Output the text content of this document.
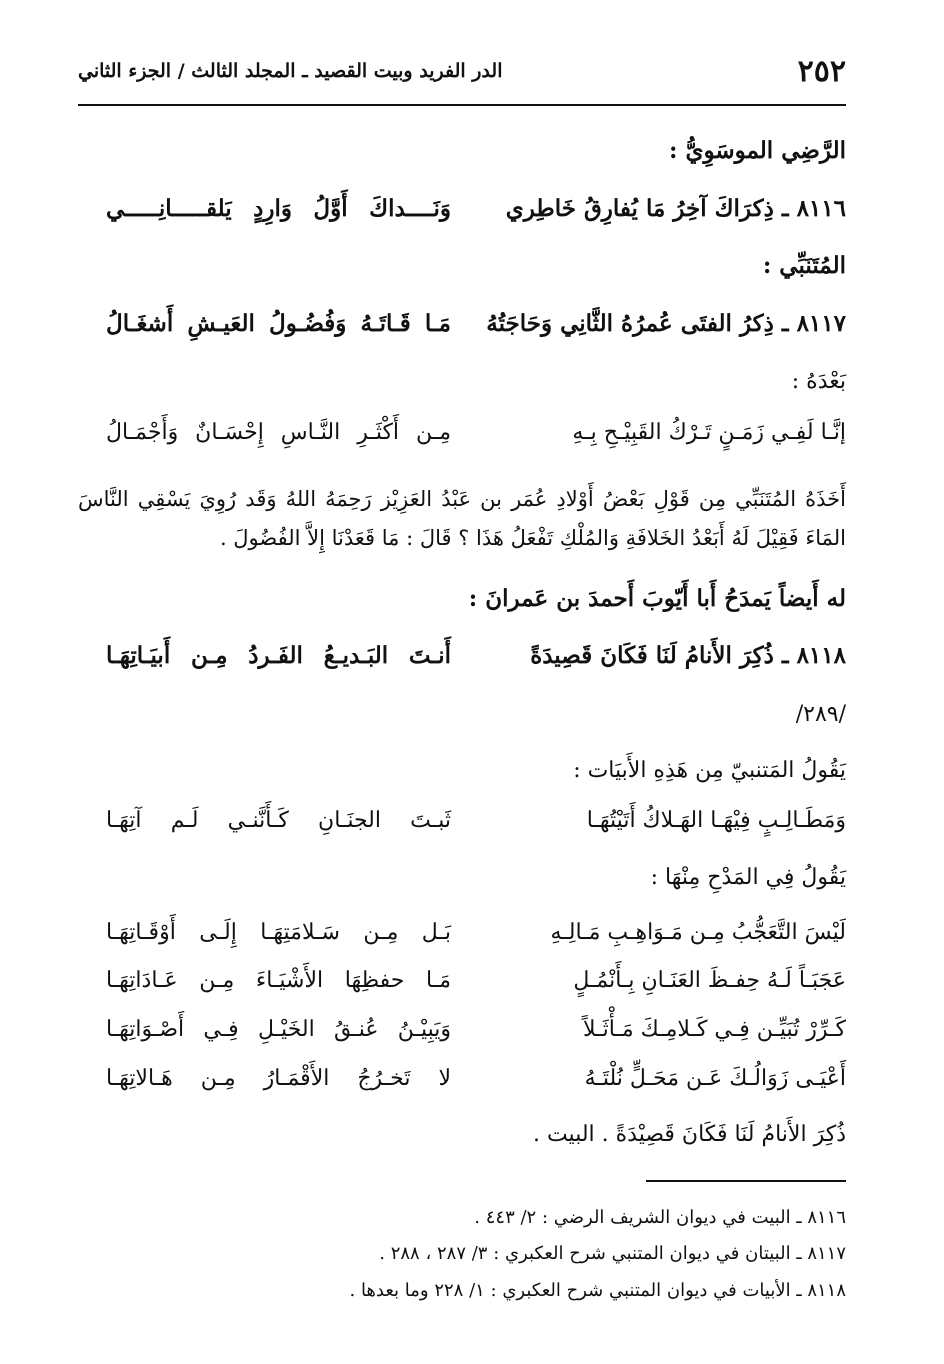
٢٥٢
الدر الفريد وبيت القصيد ـ المجلد الثالث / الجزء الثاني
الرَّضِي الموسَوِيُّ :
٨١١٦ ـ ذِكرَاكَ آخِرُ مَا يُفارِقُ خَاطِري
وَنَــــداكَ أَوَّلُ وَارِدٍ يَلقـــــانِـــــي
المُتَنَبِّي :
٨١١٧ ـ ذِكرُ الفتَى عُمرُهُ الثَّانِي وَحَاجَتُهُ
مَـا قَـاتَـهُ وَفُضُـولُ العَيـشِ أَشغَـالُ
بَعْدَهُ :
إنَّـا لَفِـي زَمَـنٍ تَـرْكُ القَبِيْـحِ بِـهِ
مِـن أَكْثَـرِ النَّـاسِ إِحْسَـانٌ وَأَجْمَـالُ
أَخَذَهُ المُتَنَبِّي مِن قَوْلِ بَعْضُ أَوْلادِ عُمَر بن عَبْدُ العَزِيْز رَحِمَهُ اللهُ وَقَد رُوِيَ يَسْقِي النَّاسَ المَاءَ فَقِيْلَ لَهُ أَبَعْدُ الخَلافَةِ وَالمُلْكِ تَفْعَلُ هَذَا ؟ قَالَ : مَا قَعَدْنَا إِلاَّ الفُضُولَ .
له أَيضاً يَمدَحُ أَبا أَيّوبَ أَحمدَ بن عَمرانَ :
٨١١٨ ـ ذُكِرَ الأَنامُ لَنَا فَكَانَ قَصِيدَةً
أَنـتَ البَـديـعُ الفَـردُ مِـن أَبيَـاتِهَـا
/٢٨٩/
يَقُولُ المَتنبيّ مِن هَذِهِ الأَبيَات :
وَمَطَـالِـبٍ فِيْهَـا الهَـلاكُ أَتَيْتُهَـا
ثَبـتَ الجنَـانِ كَـأَنَّنـي لَـم آتِهَـا
يَقُولُ فِي المَدْحِ مِنْهَا :
لَيْسَ التَّعَجُّبُ مِـن مَـوَاهِـبِ مَـالِـهِ
بَـل مِـن سَـلامَتِهَـا إِلَـى أَوْقَـاتِهَـا
عَجَبَـاً لَـهُ حِفـظَ العَنَـانِ بِـأَنْمُـلٍ
مَـا حفظِهَا الأَشْيَـاءَ مِـن عَـادَاتِهَـا
كَـرِّرْ تُبَيِّـن فِـي كَـلامِـكَ مَـأْثَـلاً
وَيَبِيْـنُ عُنـقُ الخَيْـلِ فِـي أَصْـوَاتِهَـا
أَعْيَـى زَوَالُـكَ عَـن مَحَـلٍّ نُلْتَـهُ
لا تَخـرُجُ الأَقْمَـارُ مِـن هَـالاتِهَـا
ذُكِرَ الأَنامُ لَنَا فَكَانَ قَصِيْدَةً . البيت .
٨١١٦ ـ البيت في ديوان الشريف الرضي : ٢/ ٤٤٣ .
٨١١٧ ـ البيتان في ديوان المتنبي شرح العكبري : ٣/ ٢٨٧ ، ٢٨٨ .
٨١١٨ ـ الأبيات في ديوان المتنبي شرح العكبري : ١/ ٢٢٨ وما بعدها .
